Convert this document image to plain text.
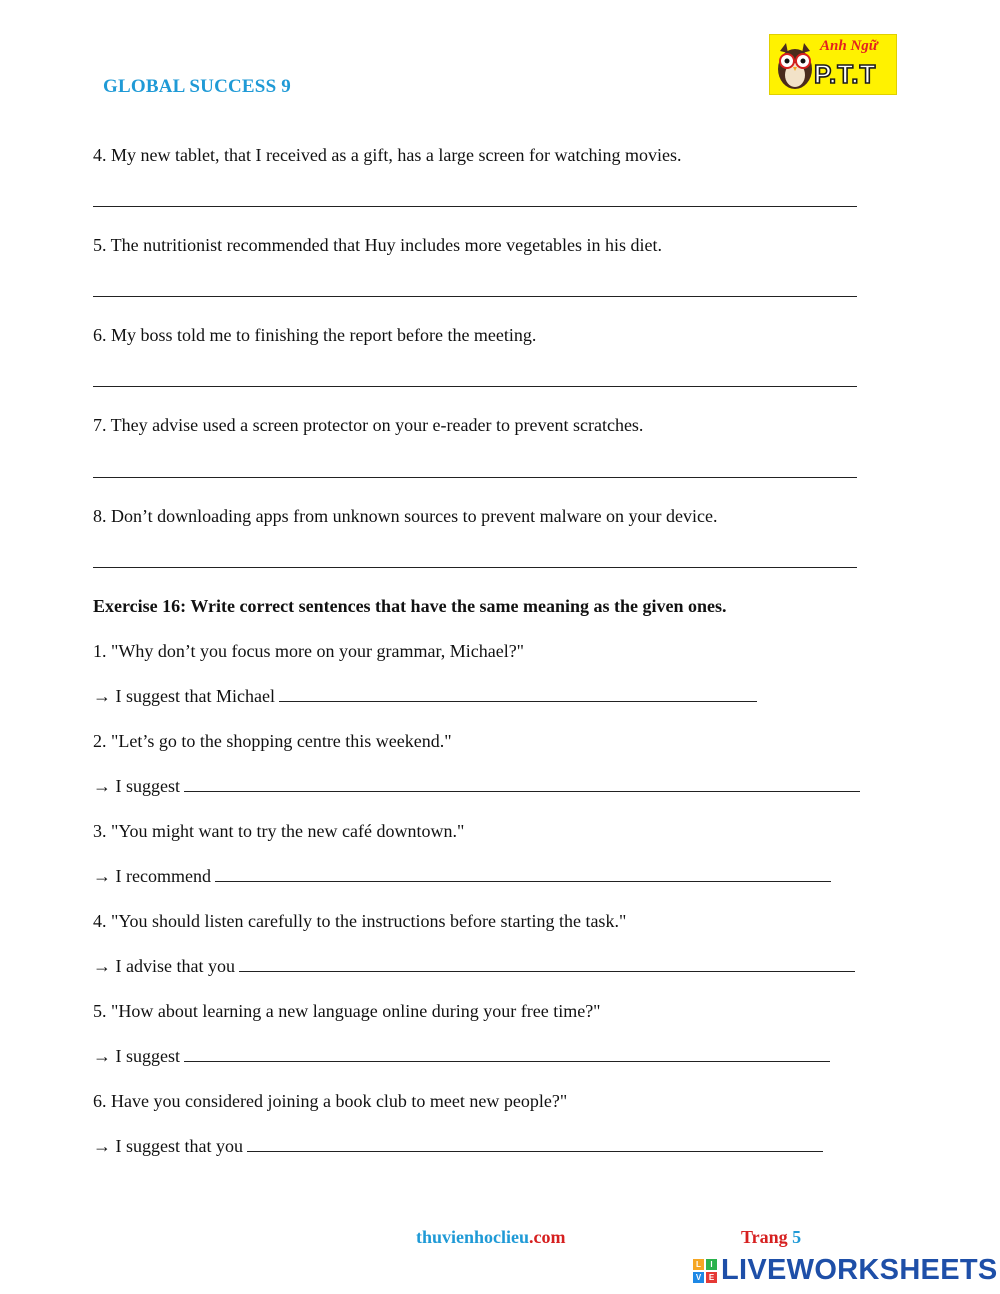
GLOBAL SUCCESS 9
Anh Ngữ
P.T.T
4. My new tablet, that I received as a gift, has a large screen for watching movies.
5. The nutritionist recommended that Huy includes more vegetables in his diet.
6. My boss told me to finishing the report before the meeting.
7. They advise used a screen protector on your e-reader to prevent scratches.
8. Don’t downloading apps from unknown sources to prevent malware on your device.
Exercise 16: Write correct sentences that have the same meaning as the given ones.
1. "Why don’t you focus more on your grammar, Michael?"
→
I suggest that Michael
2. "Let’s go to the shopping centre this weekend."
→
I suggest
3. "You might want to try the new café downtown."
→
I recommend
4. "You should listen carefully to the instructions before starting the task."
→
I advise that you
5. "How about learning a new language online during your free time?"
→
I suggest
6. Have you considered joining a book club to meet new people?"
→
I suggest that you
thuvienhoclieu.com	Trang 5
L	I
V E LIVEWORKSHEETS
